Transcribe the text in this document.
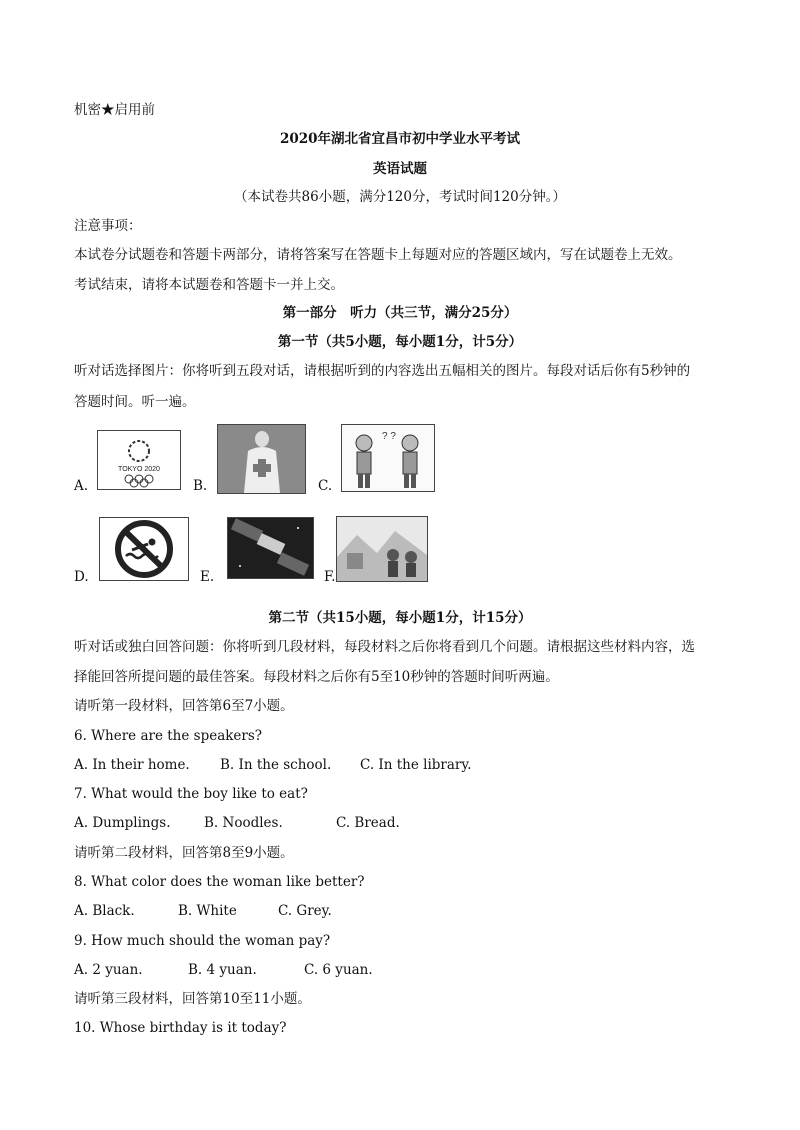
机密★启用前
2020年湖北省宜昌市初中学业水平考试
英语试题
（本试卷共86小题，满分120分，考试时间120分钟。）
注意事项：
本试卷分试题卷和答题卡两部分，请将答案写在答题卡上每题对应的答题区域内，写在试题卷上无效。
考试结束，请将本试题卷和答题卡一并上交。
第一部分　听力（共三节，满分25分）
第一节（共5小题，每小题1分，计5分）
听对话选择图片：你将听到五段对话，请根据听到的内容选出五幅相关的图片。每段对话后你有5秒钟的
答题时间。听一遍。
A.
TOKYO 2020
B.	C.
? ?
D.	E.	F.
第二节（共15小题，每小题1分，计15分）
听对话或独白回答问题：你将听到几段材料，每段材料之后你将看到几个问题。请根据这些材料内容，选
择能回答所提问题的最佳答案。每段材料之后你有5至10秒钟的答题时间听两遍。
请听第一段材料，回答第6至7小题。
6. Where are the speakers?
A. In their home. B. In the school. C. In the library.
7. What would the boy like to eat?
A. Dumplings. B. Noodles.	C. Bread.
请听第二段材料，回答第8至9小题。
8. What color does the woman like better?
A. Black.	B. White	C. Grey.
9. How much should the woman pay?
A. 2 yuan.	B. 4 yuan.	C. 6 yuan.
请听第三段材料，回答第10至11小题。
10. Whose birthday is it today?
